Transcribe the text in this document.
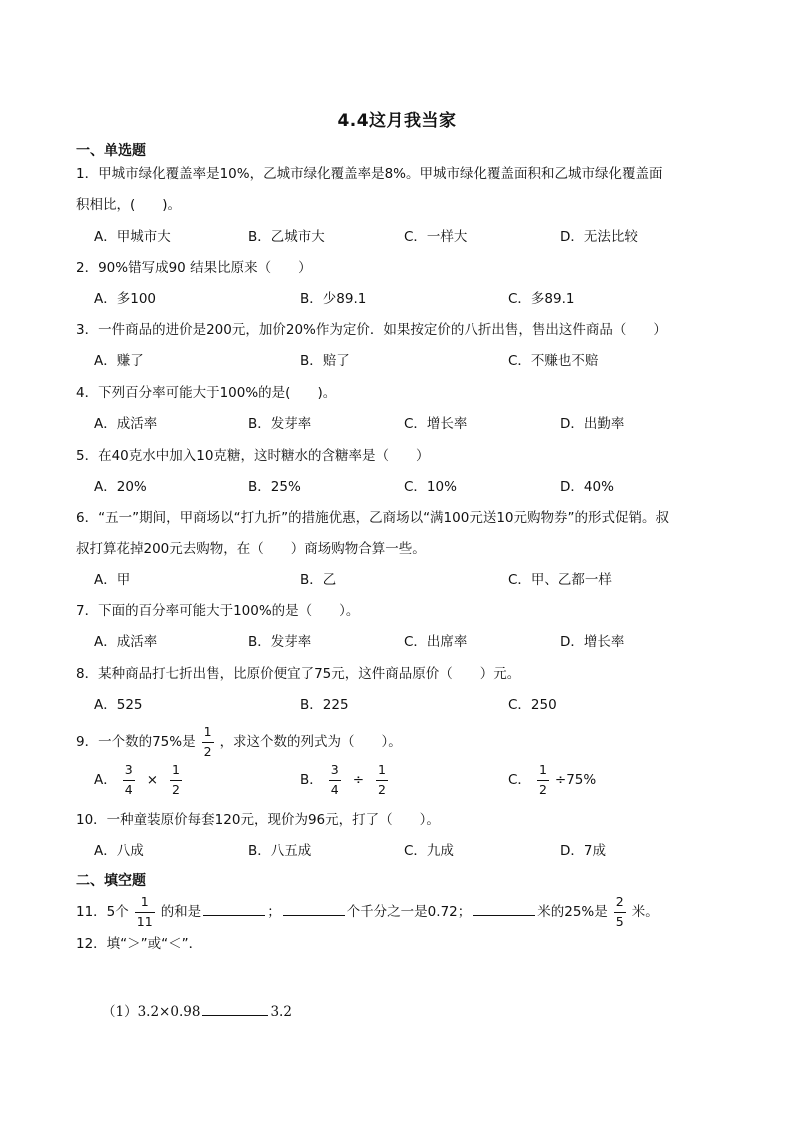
4.4这月我当家
一、单选题
1．甲城市绿化覆盖率是10%，乙城市绿化覆盖率是8%。甲城市绿化覆盖面积和乙城市绿化覆盖面
积相比，(　　)。
A．甲城市大	B．乙城市大	C．一样大	D．无法比较
2．90%错写成90 结果比原来（　　）
A．多100	B．少89.1	C．多89.1
3．一件商品的进价是200元，加价20%作为定价．如果按定价的八折出售，售出这件商品（　　）
A．赚了	B．赔了	C．不赚也不赔
4．下列百分率可能大于100%的是(　　)。
A．成活率	B．发芽率	C．增长率	D．出勤率
5．在40克水中加入10克糖，这时糖水的含糖率是（　　）
A．20%	B．25%	C．10%	D．40%
6．“五一”期间，甲商场以“打九折”的措施优惠，乙商场以“满100元送10元购物券”的形式促销。叔
叔打算花掉200元去购物，在（　　）商场购物合算一些。
A．甲	B．乙	C．甲、乙都一样
7．下面的百分率可能大于100%的是（　　）。
A．成活率	B．发芽率	C．出席率	D．增长率
8．某种商品打七折出售，比原价便宜了75元，这件商品原价（　　）元。
A．525	B．225	C．250
9．一个数的75%是 $\frac{1}{2}$ ，求这个数的列式为（　　）。
A． $\frac{3}{4} \times \frac{1}{2}$	B． $\frac{3}{4} \div \frac{1}{2}$	C． $\frac{1}{2} \div 75\%$
10．一种童装原价每套120元，现价为96元，打了（　　）。
A．八成	B．八五成	C．九成	D．7成
二、填空题
11．5个 $\frac{1}{11}$ 的和是	；	个千分之一是0.72；	米的25%是 $\frac{2}{5}$ 米。
12．填“＞”或“＜”．
（1）3.2×0.98	3.2
